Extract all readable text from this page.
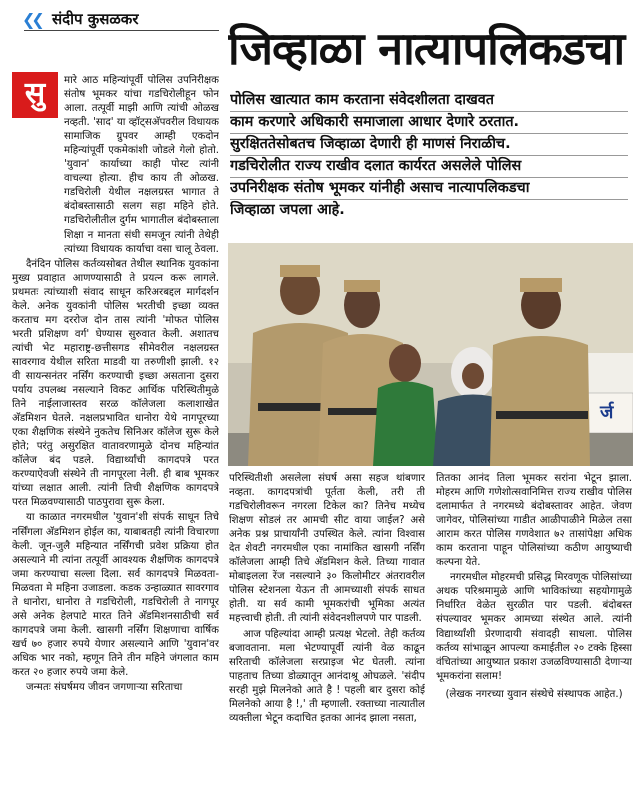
❮❮ संदीप कुसळकर
जिव्हाळा नात्यापलिकडचा
पोलिस खात्यात काम करताना संवेदशीलता दाखवत
काम करणारे अधिकारी समाजाला आधार देणारे ठरतात.
सुरक्षिततेसोबतच जिव्हाळा देणारी ही माणसं निराळीच.
गडचिरोलीत राज्य राखीव दलात कार्यरत असलेले पोलिस
उपनिरीक्षक संतोष भूमकर यांनीही असाच नात्यापलिकडचा
जिव्हाळा जपला आहे.

मारे आठ महिन्यांपूर्वी पोलिस उपनिरीक्षक संतोष भूमकर यांचा गडचिरोलीहून फोन आला. तत्पूर्वी माझी आणि त्यांची ओळख नव्हती. 'साद' या व्हॉट्सअ‍ॅपवरील विधायक सामाजिक ग्रुपवर आम्ही एकदोन महिन्यांपूर्वी एकमेकांशी जोडले गेलो होतो. 'युवान' कार्याच्या काही पोस्ट त्यांनी वाचल्या होत्या. हीच काय ती ओळख. गडचिरोली येथील नक्षलग्रस्त भागात ते बंदोबस्तासाठी सलग सहा महिने होते. गडचिरोलीतील दुर्गम भागातील बंदोबस्ताला शिक्षा न मानता संधी समजून त्यांनी तेथेही त्यांच्या विधायक कार्याचा वसा चालू ठेवला.

दैनंदिन पोलिस कर्तव्यसोबत तेथील स्थानिक युवकांना मुख्य प्रवाहात आणण्यासाठी ते प्रयत्न करू लागले. प्रथमतः त्यांच्याशी संवाद साधून करिअरबद्दल मार्गदर्शन केले. अनेक युवकांनी पोलिस भरतीची इच्छा व्यक्त करताच मग दररोज दोन तास त्यांनी 'मोफत पोलिस भरती प्रशिक्षण वर्ग' घेण्यास सुरुवात केली. अशातच त्यांची भेट महाराष्ट्र-छत्तीसगड सीमेवरील नक्षलग्रस्त सावरगाव येथील सरिता माडवी या तरुणीशी झाली. १२ वी सायन्सनंतर नर्सिंग करण्याची इच्छा असताना दुसरा पर्याय उपलब्ध नसल्याने विकट आर्थिक परिस्थितीमुळे तिने नाईलाजास्तव सरळ कॉलेजला कलाशाखेत अ‍ॅडमिशन घेतले. नक्षलप्रभावित धानोरा येथे नागपूरच्या एका शैक्षणिक संस्थेने नुकतेच सिनिअर कॉलेज सुरू केले होते; परंतु असुरक्षित वातावरणामुळे दोनच महिन्यांत कॉलेज बंद पडले. विद्यार्थ्यांची कागदपत्रे परत करण्याऐवजी संस्थेने ती नागपूरला नेली. ही बाब भूमकर यांच्या लक्षात आली. त्यांनी तिची शैक्षणिक कागदपत्रे परत मिळवण्यासाठी पाठपुरावा सुरू केला.

या काळात नगरमधील 'युवान'शी संपर्क साधून तिचे नर्सिंगला अ‍ॅडमिशन होईल का, याबाबतही त्यांनी विचारणा केली. जून-जुलै महिन्यात नर्सिंगची प्रवेश प्रक्रिया होत असल्याने मी त्यांना तत्पूर्वी आवश्यक शैक्षणिक कागदपत्रे जमा करण्याचा सल्ला दिला. सर्व कागदपत्रे मिळवता-मिळवता मे महिना उजाडला. कडक उन्हाळ्यात सावरगाव ते धानोरा, धानोरा ते गडचिरोली, गडचिरोली ते नागपूर असे अनेक हेलपाटे मारत तिने अ‍ॅडमिशनसाठीची सर्व कागदपत्रे जमा केली. खासगी नर्सिंग शिक्षणाचा वार्षिक खर्च ७० हजार रुपये येणार असल्याने आणि 'युवान'वर अधिक भार नको, म्हणून तिने तीन महिने जंगलात काम करत २० हजार रुपये जमा केले.

जन्मतः संघर्षमय जीवन जगणाऱ्या सरिताचा

सु
र्ज

परिस्थितीशी असलेला संघर्ष असा सहज थांबणार नव्हता. कागदपत्रांची पूर्तता केली, तरी ती गडचिरोलीवरून नगरला टिकेल का? तिनेच मध्येच शिक्षण सोडलं तर आमची सीट वाया जाईल? असे अनेक प्रश्न प्राचार्यांनी उपस्थित केले. त्यांना विश्वास देत शेवटी नगरमधील एका नामांकित खासगी नर्सिंग कॉलेजला आम्ही तिचे अ‍ॅडमिशन केले. तिच्या गावात मोबाइलला रेंज नसल्याने ३० किलोमीटर अंतरावरील पोलिस स्टेशनला येऊन ती आमच्याशी संपर्क साधत होती. या सर्व कामी भूमकरांची भूमिका अत्यंत महत्त्वाची होती. ती त्यांनी संवेदनशीलपणे पार पाडली.

आज पहिल्यांदा आम्ही प्रत्यक्ष भेटलो. तेही कर्तव्य बजावताना. मला भेटण्यापूर्वी त्यांनी वेळ काढून सरिताची कॉलेजला सरप्राइज भेट घेतली. त्यांना पाहताच तिच्या डोळ्यातून आनंदाश्रू ओघळले. 'संदीप सरही मुझे मिलनेको आते है ! पहली बार दुसरा कोई मिलनेको आया है !,' ती म्हणाली. रक्ताच्या नात्यातील व्यक्तीला भेटून कदाचित इतका आनंद झाला नसता,

तितका आनंद तिला भूमकर सरांना भेटून झाला. मोहरम आणि गणेशोत्सवानिमित्त राज्य राखीव पोलिस दलामार्फत ते नगरमध्ये बंदोबस्तावर आहेत. जेवण जागेवर, पोलिसांच्या गाडीत आळीपाळीने मिळेल तसा आराम करत पोलिस गणवेशात ७२ तासांपेक्षा अधिक काम करताना पाहून पोलिसांच्या कठीण आयुष्याची कल्पना येते.

नगरमधील मोहरमची प्रसिद्ध मिरवणूक पोलिसांच्या अथक परिश्रमामुळे आणि भाविकांच्या सहयोगामुळे निर्धारित वेळेत सुरळीत पार पडली. बंदोबस्त संपल्यावर भूमकर आमच्या संस्थेत आले. त्यांनी विद्यार्थ्यांशी प्रेरणादायी संवादही साधला. पोलिस कर्तव्य सांभाळून आपल्या कमाईतील २० टक्के हिस्सा वंचितांच्या आयुष्यात प्रकाश उजळविण्यासाठी देणाऱ्या भूमकरांना सलाम!

(लेखक नगरच्या युवान संस्थेचे संस्थापक आहेत.)
